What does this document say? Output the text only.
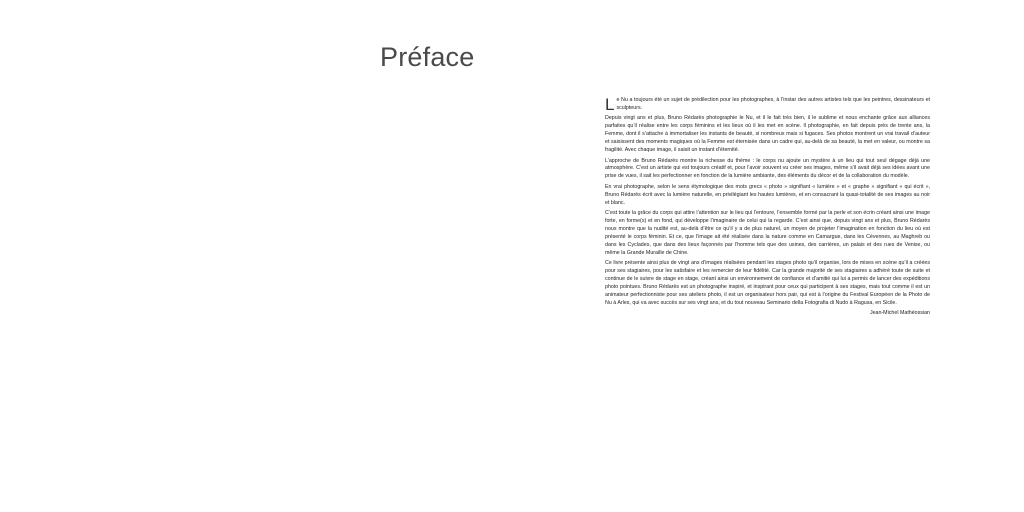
Préface

Le Nu a toujours été un sujet de prédilection pour les photographes, à l’instar des autres artistes tels que les peintres, dessinateurs et sculpteurs.

Depuis vingt ans et plus, Bruno Rédarès photographie le Nu, et il le fait très bien, il le sublime et nous enchante grâce aux alliances parfaites qu’il réalise entre les corps féminins et les lieux où il les met en scène. Il photographie, en fait depuis près de trente ans, la Femme, dont il s’attache à immortaliser les instants de beauté, si nombreux mais si fugaces. Ses photos montrent un vrai travail d’auteur et saisissent des moments magiques où la Femme est éternisée dans un cadre qui, au-delà de sa beauté, la met en valeur, ou montre sa fragilité. Avec chaque image, il saisit un instant d’éternité.

L’approche de Bruno Rédarès montre la richesse du thème : le corps nu ajoute un mystère à un lieu qui tout seul dégage déjà une atmosphère. C’est un artiste qui est toujours créatif et, pour l’avoir souvent vu créer ses images, même s’il avait déjà ses idées avant une prise de vues, il sait les perfectionner en fonction de la lumière ambiante, des éléments du décor et de la collaboration du modèle.

En vrai photographe, selon le sens étymologique des mots grecs « photo » signifiant « lumière » et « graphe » signifiant « qui écrit », Bruno Rédarès écrit avec la lumière naturelle, en privilégiant les hautes lumières, et en consacrant la quasi-totalité de ses images au noir et blanc.

C’est toute la grâce du corps qui attire l’attention sur le lieu qui l’entoure, l’ensemble formé par la perle et son écrin créant ainsi une image forte, en forme(s) et en fond, qui développe l’imaginaire de celui qui la regarde. C’est ainsi que, depuis vingt ans et plus, Bruno Rédarès nous montre que la nudité est, au-delà d’être ce qu’il y a de plus naturel, un moyen de projeter l’imagination en fonction du lieu où est présenté le corps féminin. Et ce, que l’image ait été réalisée dans la nature comme en Camargue, dans les Cévennes, au Maghreb ou dans les Cyclades, que dans des lieux façonnés par l’homme tels que des usines, des carrières, un palais et des rues de Venise, ou même la Grande Muraille de Chine.

Ce livre présente ainsi plus de vingt ans d’images réalisées pendant les stages photo qu’il organise, lors de mises en scène qu’il a créées pour ses stagiaires, pour les satisfaire et les remercier de leur fidélité. Car la grande majorité de ses stagiaires a adhéré toute de suite et continue de le suivre de stage en stage, créant ainsi un environnement de confiance et d’amitié qui lui a permis de lancer des expéditions photo pointues. Bruno Rédarès est un photographe inspiré, et inspirant pour ceux qui participent à ses stages, mais tout comme il est un animateur perfectionniste pour ses ateliers photo, il est un organisateur hors pair, qui est à l’origine du Festival Européen de la Photo de Nu à Arles, qui va avec succès sur ses vingt ans, et du tout nouveau Seminario della Fotografia di Nudo à Ragusa, en Sicile.

Jean-Michel Mathéossian
